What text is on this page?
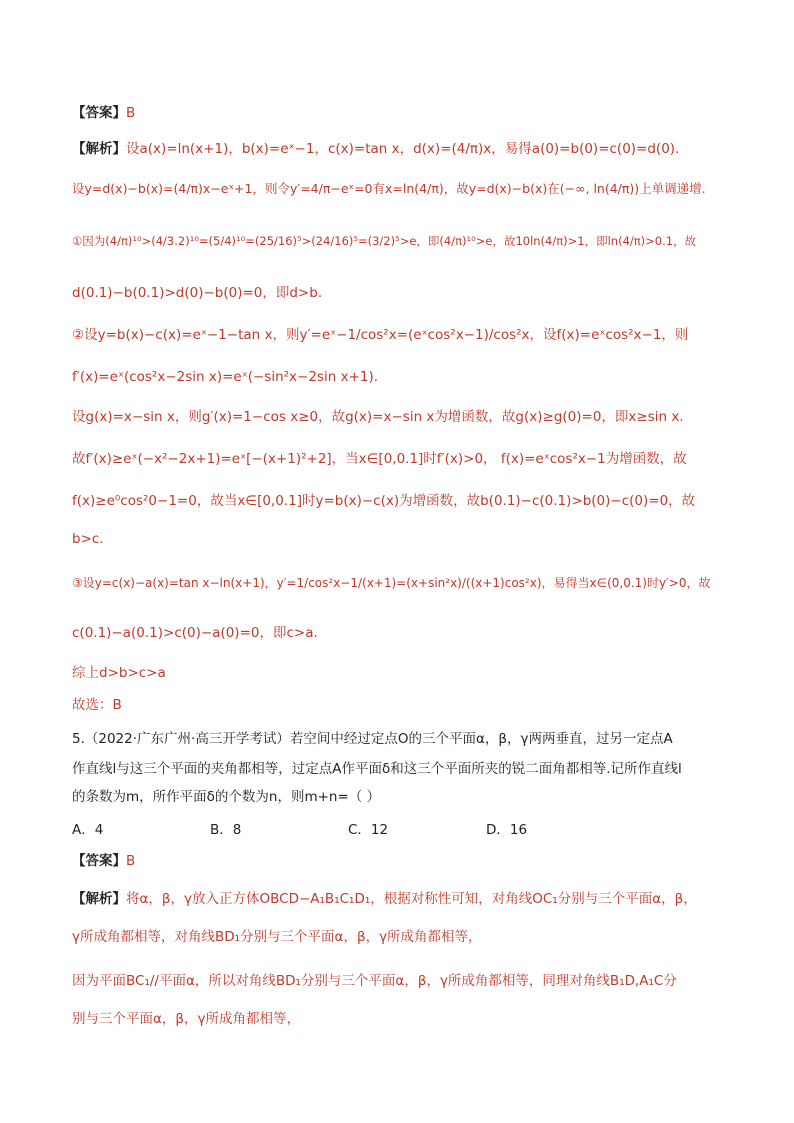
【答案】B
【解析】设a(x)=ln(x+1)，b(x)=eˣ−1，c(x)=tan x，d(x)=(4/π)x，易得a(0)=b(0)=c(0)=d(0).
设y=d(x)−b(x)=(4/π)x−eˣ+1，则令y′=4/π−eˣ=0有x=ln(4/π)，故y=d(x)−b(x)在(−∞, ln(4/π))上单调递增.
①因为(4/π)¹⁰>(4/3.2)¹⁰=(5/4)¹⁰=(25/16)⁵>(24/16)⁵=(3/2)⁵>e，即(4/π)¹⁰>e，故10ln(4/π)>1，即ln(4/π)>0.1，故
d(0.1)−b(0.1)>d(0)−b(0)=0，即d>b.
②设y=b(x)−c(x)=eˣ−1−tan x，则y′=eˣ−1/cos²x=(eˣcos²x−1)/cos²x，设f(x)=eˣcos²x−1，则
f′(x)=eˣ(cos²x−2sin x)=eˣ(−sin²x−2sin x+1).
设g(x)=x−sin x，则g′(x)=1−cos x≥0，故g(x)=x−sin x为增函数，故g(x)≥g(0)=0，即x≥sin x.
故f′(x)≥eˣ(−x²−2x+1)=eˣ[−(x+1)²+2]，当x∈[0,0.1]时f′(x)>0， f(x)=eˣcos²x−1为增函数，故
f(x)≥e⁰cos²0−1=0，故当x∈[0,0.1]时y=b(x)−c(x)为增函数，故b(0.1)−c(0.1)>b(0)−c(0)=0，故
b>c.
③设y=c(x)−a(x)=tan x−ln(x+1)，y′=1/cos²x−1/(x+1)=(x+sin²x)/((x+1)cos²x)，易得当x∈(0,0.1)时y′>0，故
c(0.1)−a(0.1)>c(0)−a(0)=0，即c>a.
综上d>b>c>a
故选：B
5.（2022·广东广州·高三开学考试）若空间中经过定点O的三个平面α，β，γ两两垂直，过另一定点A
作直线l与这三个平面的夹角都相等，过定点A作平面δ和这三个平面所夹的锐二面角都相等.记所作直线l
的条数为m，所作平面δ的个数为n，则m+n=（ ）
A．4	B．8	C．12	D．16
【答案】B
【解析】将α，β，γ放入正方体OBCD−A₁B₁C₁D₁，根据对称性可知，对角线OC₁分别与三个平面α，β，
γ所成角都相等，对角线BD₁分别与三个平面α，β，γ所成角都相等，
因为平面BC₁//平面α，所以对角线BD₁分别与三个平面α，β，γ所成角都相等，同理对角线B₁D,A₁C分
别与三个平面α，β，γ所成角都相等，
